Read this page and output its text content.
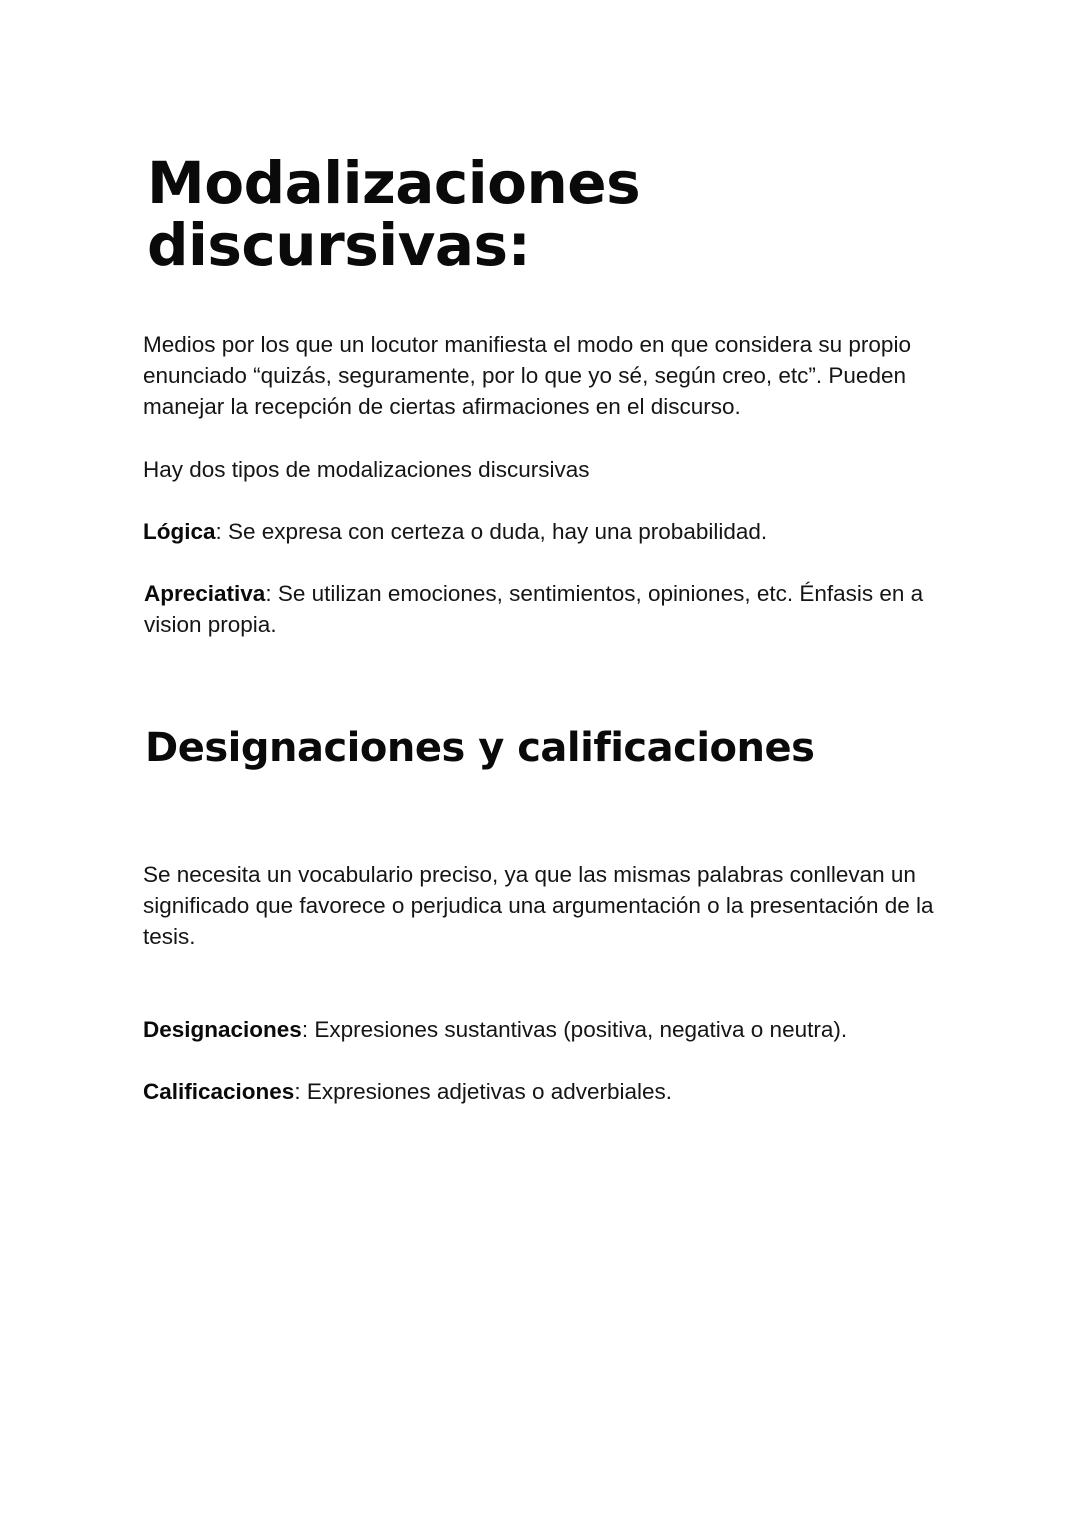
Modalizaciones discursivas:

Medios por los que un locutor manifiesta el modo en que considera su propio enunciado “quizás, seguramente, por lo que yo sé, según creo, etc”. Pueden manejar la recepción de ciertas afirmaciones en el discurso.

Hay dos tipos de modalizaciones discursivas

Lógica: Se expresa con certeza o duda, hay una probabilidad.

Apreciativa: Se utilizan emociones, sentimientos, opiniones, etc. Énfasis en a vision propia.

Designaciones y calificaciones

Se necesita un vocabulario preciso, ya que las mismas palabras conllevan un significado que favorece o perjudica una argumentación o la presentación de la tesis.

Designaciones: Expresiones sustantivas (positiva, negativa o neutra).

Calificaciones: Expresiones adjetivas o adverbiales.
